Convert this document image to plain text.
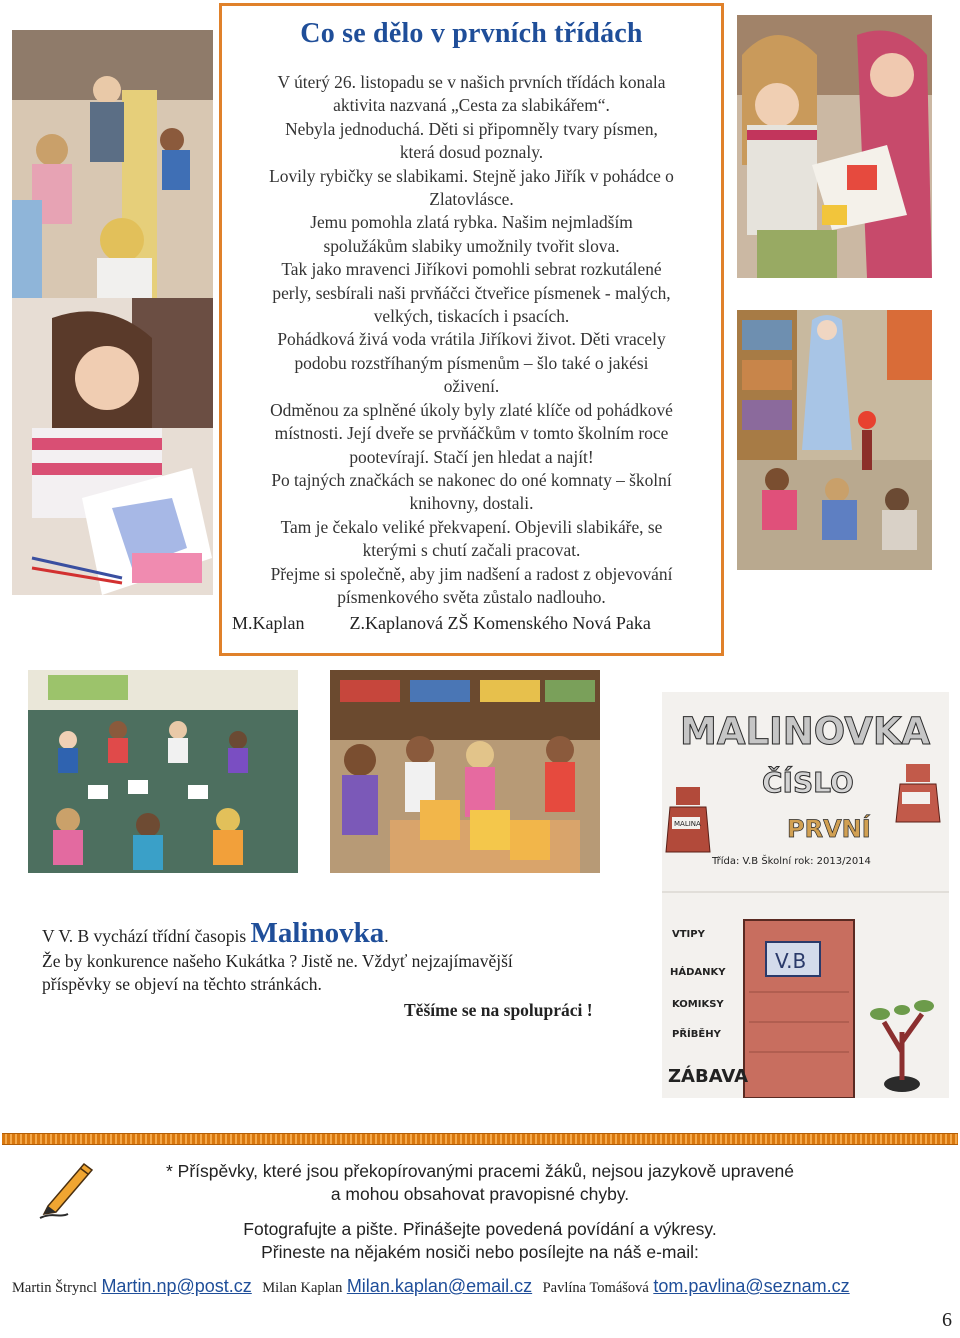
Co se dělo v prvních třídách

V úterý 26. listopadu se v našich prvních třídách konala

aktivita nazvaná „Cesta za slabikářem“.

Nebyla jednoduchá. Děti si připomněly tvary písmen,

která dosud poznaly.

Lovily rybičky se slabikami. Stejně jako Jiřík v pohádce o

Zlatovlásce.

Jemu pomohla zlatá rybka. Našim nejmladším

spolužákům slabiky umožnily tvořit slova.

Tak jako mravenci Jiříkovi pomohli sebrat rozkutálené

perly, sesbírali naši prvňáčci čtveřice písmenek - malých,

velkých, tiskacích i psacích.

Pohádková živá voda vrátila Jiříkovi život. Děti vracely

podobu rozstříhaným písmenům – šlo také o jakési

oživení.

Odměnou za splněné úkoly byly zlaté klíče od pohádkové

místnosti. Její dveře se prvňáčkům v tomto školním roce

pootevírají. Stačí jen hledat a najít!

Po tajných značkách se nakonec do oné komnaty – školní

knihovny, dostali.

Tam je čekalo veliké překvapení. Objevili slabikáře, se

kterými s chutí začali pracovat.

Přejme si společně, aby jim nadšení a radost z objevování

písmenkového světa zůstalo nadlouho.

M.Kaplan	Z.Kaplanová ZŠ Komenského Nová Paka
MALINOVKA
ČÍSLO
PRVNÍ
MALINA
Třída: V.B Školní rok: 2013/2014
V.B
VTIPY
HÁDANKY
KOMIKSY
PŘÍBĚHY
ZÁBAVA
V V. B vychází třídní časopis Malinovka.
Že by konkurence našeho Kukátka ? Jistě ne. Vždyť nejzajímavější
příspěvky se objeví na těchto stránkách.
Těšíme se na spolupráci !
* Příspěvky, které jsou překopírovanými pracemi žáků, nejsou jazykově upravené
a mohou obsahovat pravopisné chyby.
Fotografujte a pište. Přinášejte povedená povídání a výkresy.
Přineste na nějakém nosiči nebo posílejte na náš e-mail:
Martin Štryncl Martin.np@post.cz Milan Kaplan Milan.kaplan@email.cz Pavlína Tomášová tom.pavlina@seznam.cz
6
